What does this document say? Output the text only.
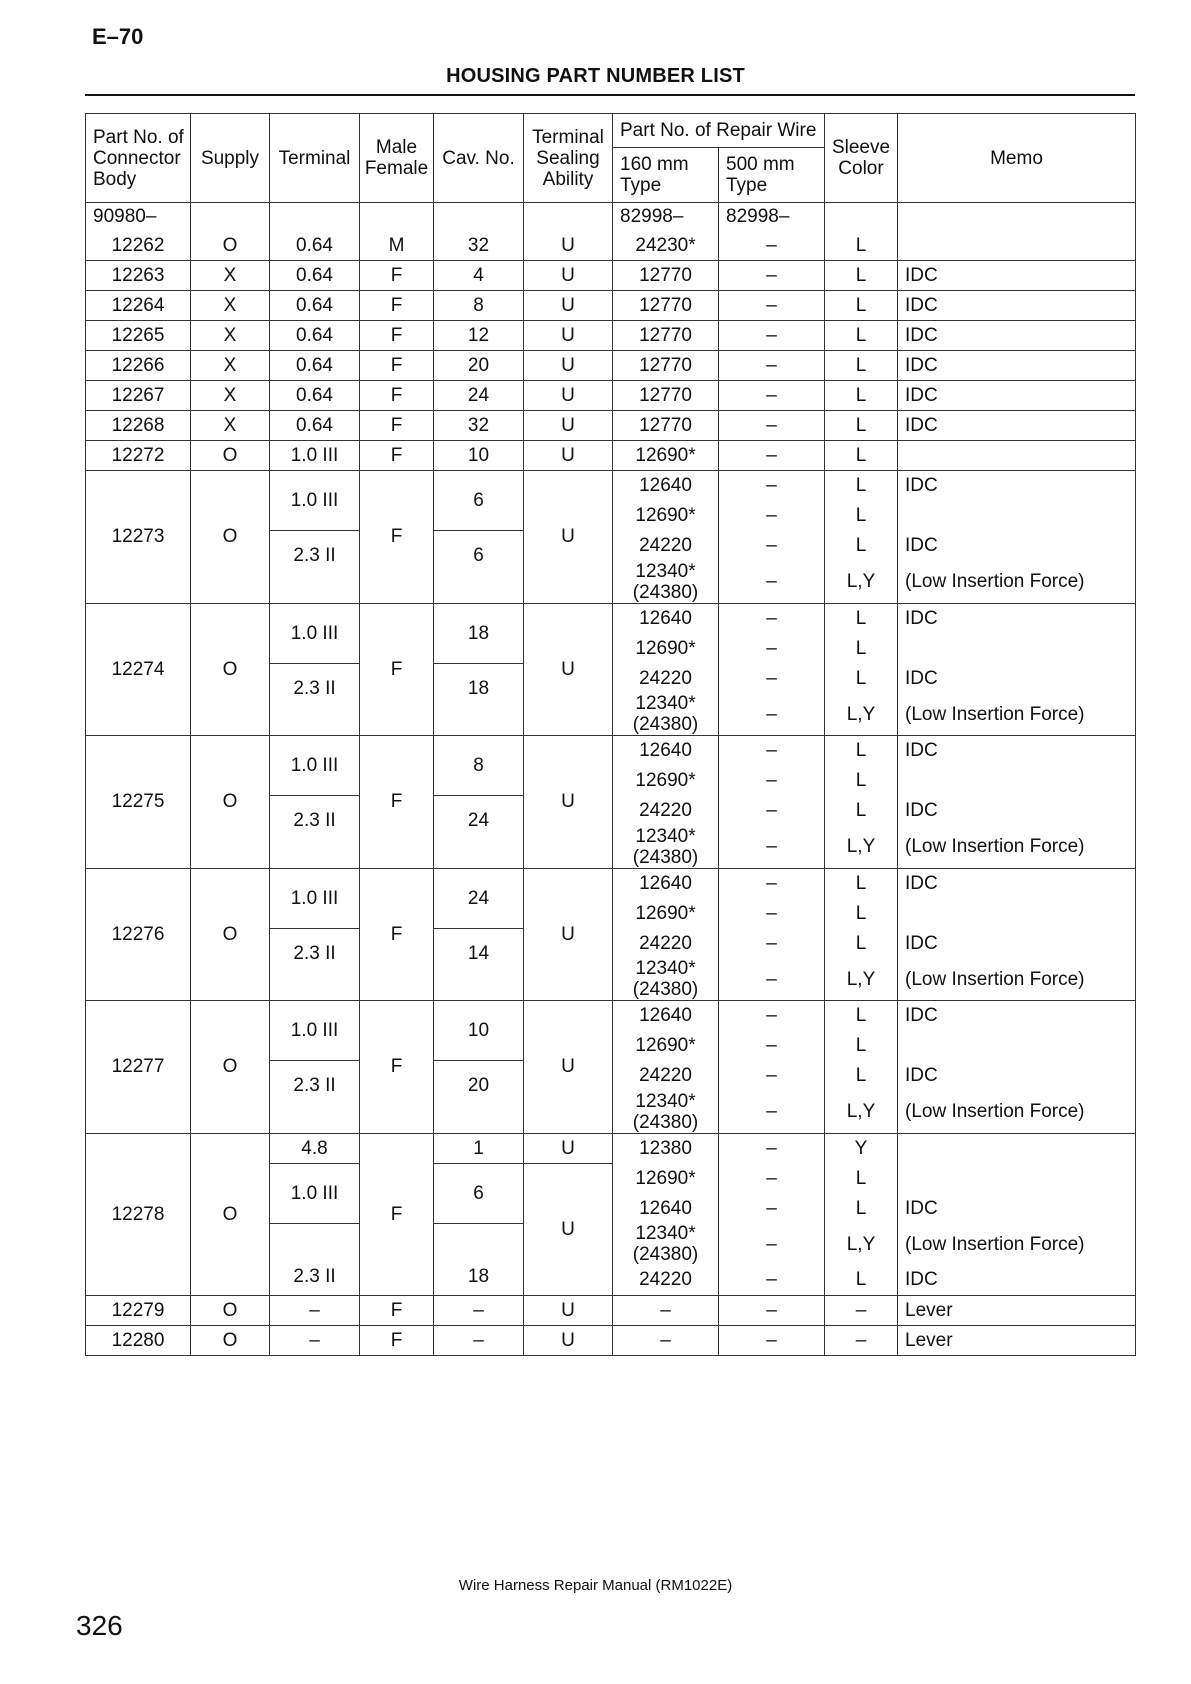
E–70
HOUSING PART NUMBER LIST
Part No. of Connector Body	Supply	Terminal	Male Female	Cav. No.	Terminal Sealing Ability	Part No. of Repair Wire		Sleeve Color	Memo
						160 mm Type	500 mm Type		
90980–						82998–	82998–		
12262	O	0.64	M	32	U	24230*	–	L	
12263	X	0.64	F	4	U	12770	–	L	IDC
12264	X	0.64	F	8	U	12770	–	L	IDC
12265	X	0.64	F	12	U	12770	–	L	IDC
12266	X	0.64	F	20	U	12770	–	L	IDC
12267	X	0.64	F	24	U	12770	–	L	IDC
12268	X	0.64	F	32	U	12770	–	L	IDC
12272	O	1.0 III	F	10	U	12690*	–	L	
12273	O	1.0 III	F	6	U	12640	–	L	IDC
						12690*	–	L	
		2.3 II		6		24220	–	L	IDC
						12340* (24380)	–	L,Y	(Low Insertion Force)
12274	O	1.0 III	F	18	U	12640	–	L	IDC
						12690*	–	L	
		2.3 II		18		24220	–	L	IDC
						12340* (24380)	–	L,Y	(Low Insertion Force)
12275	O	1.0 III	F	8	U	12640	–	L	IDC
						12690*	–	L	
		2.3 II		24		24220	–	L	IDC
						12340* (24380)	–	L,Y	(Low Insertion Force)
12276	O	1.0 III	F	24	U	12640	–	L	IDC
						12690*	–	L	
		2.3 II		14		24220	–	L	IDC
						12340* (24380)	–	L,Y	(Low Insertion Force)
12277	O	1.0 III	F	10	U	12640	–	L	IDC
						12690*	–	L	
		2.3 II		20		24220	–	L	IDC
						12340* (24380)	–	L,Y	(Low Insertion Force)
12278	O	4.8	F	1	U	12380	–	Y	
		1.0 III		6	U	12690*	–	L	
						12640	–	L	IDC
		2.3 II		18		12340* (24380)	–	L,Y	(Low Insertion Force)
						24220	–	L	IDC
12279	O	–	F	–	U	–	–	–	Lever
12280	O	–	F	–	U	–	–	–	Lever
Wire Harness Repair Manual (RM1022E)
326
